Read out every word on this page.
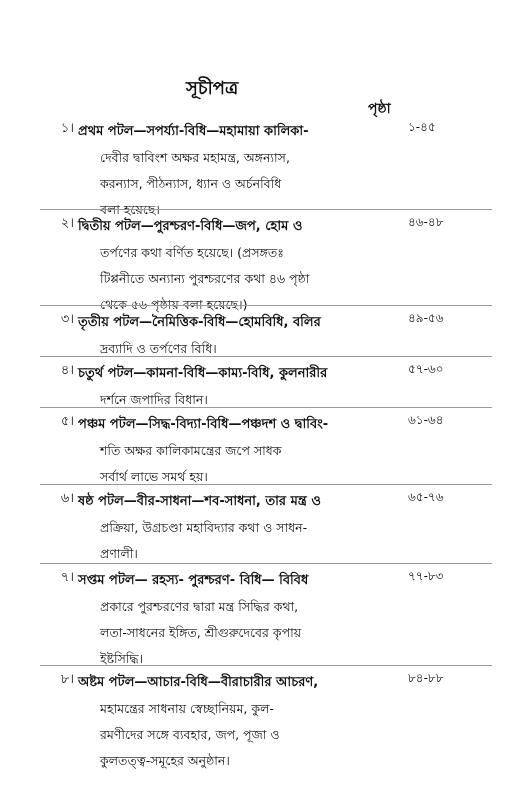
সূচীপত্র
পৃষ্ঠা
১। প্রথম পটল—সপর্য্যা-বিধি—মহামায়া কালিকা-
দেবীর দ্বাবিংশ অক্ষর মহামন্ত্র, অঙ্গন্যাস,
করন্যাস, পীঠন্যাস, ধ্যান ও অর্চনবিধি
বলা হয়েছে।
১-৪৫
২। দ্বিতীয় পটল—পুরশ্চরণ-বিধি—জপ, হোম ও
তর্পণের কথা বর্ণিত হয়েছে। (প্রসঙ্গতঃ
টিপ্পনীতে অন্যান্য পুরশ্চরণের কথা ৪৬ পৃষ্ঠা
থেকে ৫৬ পৃষ্ঠায় বলা হয়েছে।)
৪৬-৪৮
৩। তৃতীয় পটল—নৈমিত্তিক-বিধি—হোমবিধি, বলির
দ্রব্যাদি ও তর্পণের বিধি।
৪৯-৫৬
৪। চতুর্থ পটল—কামনা-বিধি—কাম্য-বিধি, কুলনারীর
দর্শনে জপাদির বিধান।
৫৭-৬০
৫। পঞ্চম পটল—সিদ্ধ-বিদ্যা-বিধি—পঞ্চদশ ও দ্বাবিং-
শতি অক্ষর কালিকামন্ত্রের জপে সাধক
সর্বার্থ লাভে সমর্থ হয়।
৬১-৬৪
৬। ষষ্ঠ পটল—বীর-সাধনা—শব-সাধনা, তার মন্ত্র ও
প্রক্রিয়া, উগ্রচণ্ডা মহাবিদ্যার কথা ও সাধন-
প্রণালী।
৬৫-৭৬
৭। সপ্তম পটল— রহস্য- পুরশ্চরণ- বিধি— বিবিধ
প্রকারে পুরশ্চরণের দ্বারা মন্ত্র সিদ্ধির কথা,
লতা-সাধনের ইঙ্গিত, শ্রীগুরুদেবের কৃপায়
ইষ্টসিদ্ধি।
৭৭-৮৩
৮। অষ্টম পটল—আচার-বিধি—বীরাচারীর আচরণ,
মহামন্ত্রের সাধনায় স্বেচ্ছানিয়ম, কুল-
রমণীদের সঙ্গে ব্যবহার, জপ, পূজা ও
কুলতত্ত্ব-সমূহের অনুষ্ঠান।
৮৪-৮৮
